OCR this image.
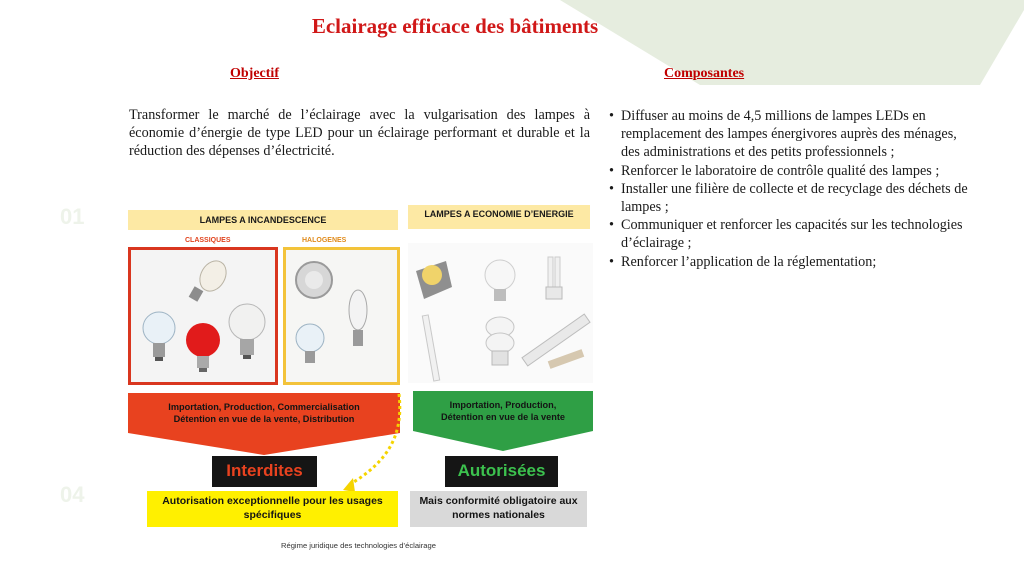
01
04
Eclairage efficace des bâtiments
Objectif	Composantes

Transformer le marché de l’éclairage avec la vulgarisation des lampes à économie d’énergie de type LED pour un éclairage performant et durable et la réduction des dépenses d’électricité.

• Diffuser au moins de 4,5 millions de lampes LEDs en remplacement des lampes énergivores auprès des ménages, des administrations et des petits professionnels ;
• Renforcer le laboratoire de contrôle qualité des lampes ;
• Installer une filière de collecte et de recyclage des déchets de lampes ;
• Communiquer et renforcer les capacités sur les technologies d’éclairage ;
• Renforcer l’application de la réglementation;
LAMPES A INCANDESCENCE
LAMPES A ECONOMIE D’ENERGIE
CLASSIQUES	HALOGENES
Importation, Production, Commercialisation
Détention en vue de la vente, Distribution
Importation, Production,
Détention en vue de la vente
Interdites	Autorisées
Autorisation exceptionnelle pour les usages spécifiques
Mais conformité obligatoire aux normes nationales
Régime juridique des technologies d’éclairage
